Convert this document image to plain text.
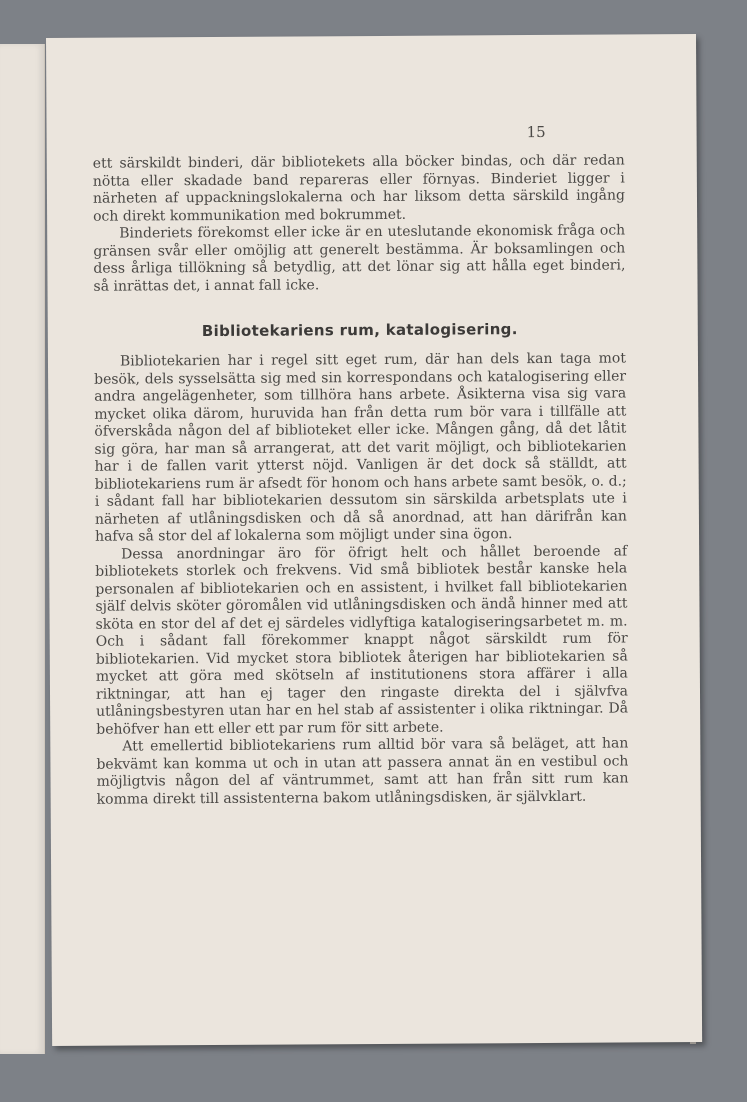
15

ett särskildt binderi, där bibliotekets alla böcker bindas, och där redan nötta eller skadade band repareras eller förnyas. Binderiet ligger i närheten af uppackningslokalerna och har liksom detta särskild ingång och direkt kommunikation med bokrummet.

Binderiets förekomst eller icke är en uteslutande ekonomisk fråga och gränsen svår eller omöjlig att generelt bestämma. Är boksamlingen och dess årliga tillökning så betydlig, att det lönar sig att hålla eget binderi, så inrättas det, i annat fall icke.

Bibliotekariens rum, katalogisering.

Bibliotekarien har i regel sitt eget rum, där han dels kan taga mot besök, dels sysselsätta sig med sin korrespondans och katalogisering eller andra angelägenheter, som tillhöra hans arbete. Åsikterna visa sig vara mycket olika därom, huruvida han från detta rum bör vara i tillfälle att öfverskåda någon del af biblioteket eller icke. Mången gång, då det låtit sig göra, har man så arrangerat, att det varit möjligt, och bibliotekarien har i de fallen varit ytterst nöjd. Vanligen är det dock så ställdt, att bibliotekariens rum är afsedt för honom och hans arbete samt besök, o. d.; i sådant fall har bibliotekarien dessutom sin särskilda arbetsplats ute i närheten af utlåningsdisken och då så anordnad, att han därifrån kan hafva så stor del af lokalerna som möjligt under sina ögon.

Dessa anordningar äro för öfrigt helt och hållet beroende af bibliotekets storlek och frekvens. Vid små bibliotek består kanske hela personalen af bibliotekarien och en assistent, i hvilket fall bibliotekarien själf delvis sköter göromålen vid utlåningsdisken och ändå hinner med att sköta en stor del af det ej särdeles vidlyftiga katalogiseringsarbetet m. m. Och i sådant fall förekommer knappt något särskildt rum för bibliotekarien. Vid mycket stora bibliotek återigen har bibliotekarien så mycket att göra med skötseln af institutionens stora affärer i alla riktningar, att han ej tager den ringaste direkta del i självfva utlåningsbestyren utan har en hel stab af assistenter i olika riktningar. Då behöfver han ett eller ett par rum för sitt arbete.

Att emellertid bibliotekariens rum alltid bör vara så beläget, att han bekvämt kan komma ut och in utan att passera annat än en vestibul och möjligtvis någon del af väntrummet, samt att han från sitt rum kan komma direkt till assistenterna bakom utlåningsdisken, är självklart.
